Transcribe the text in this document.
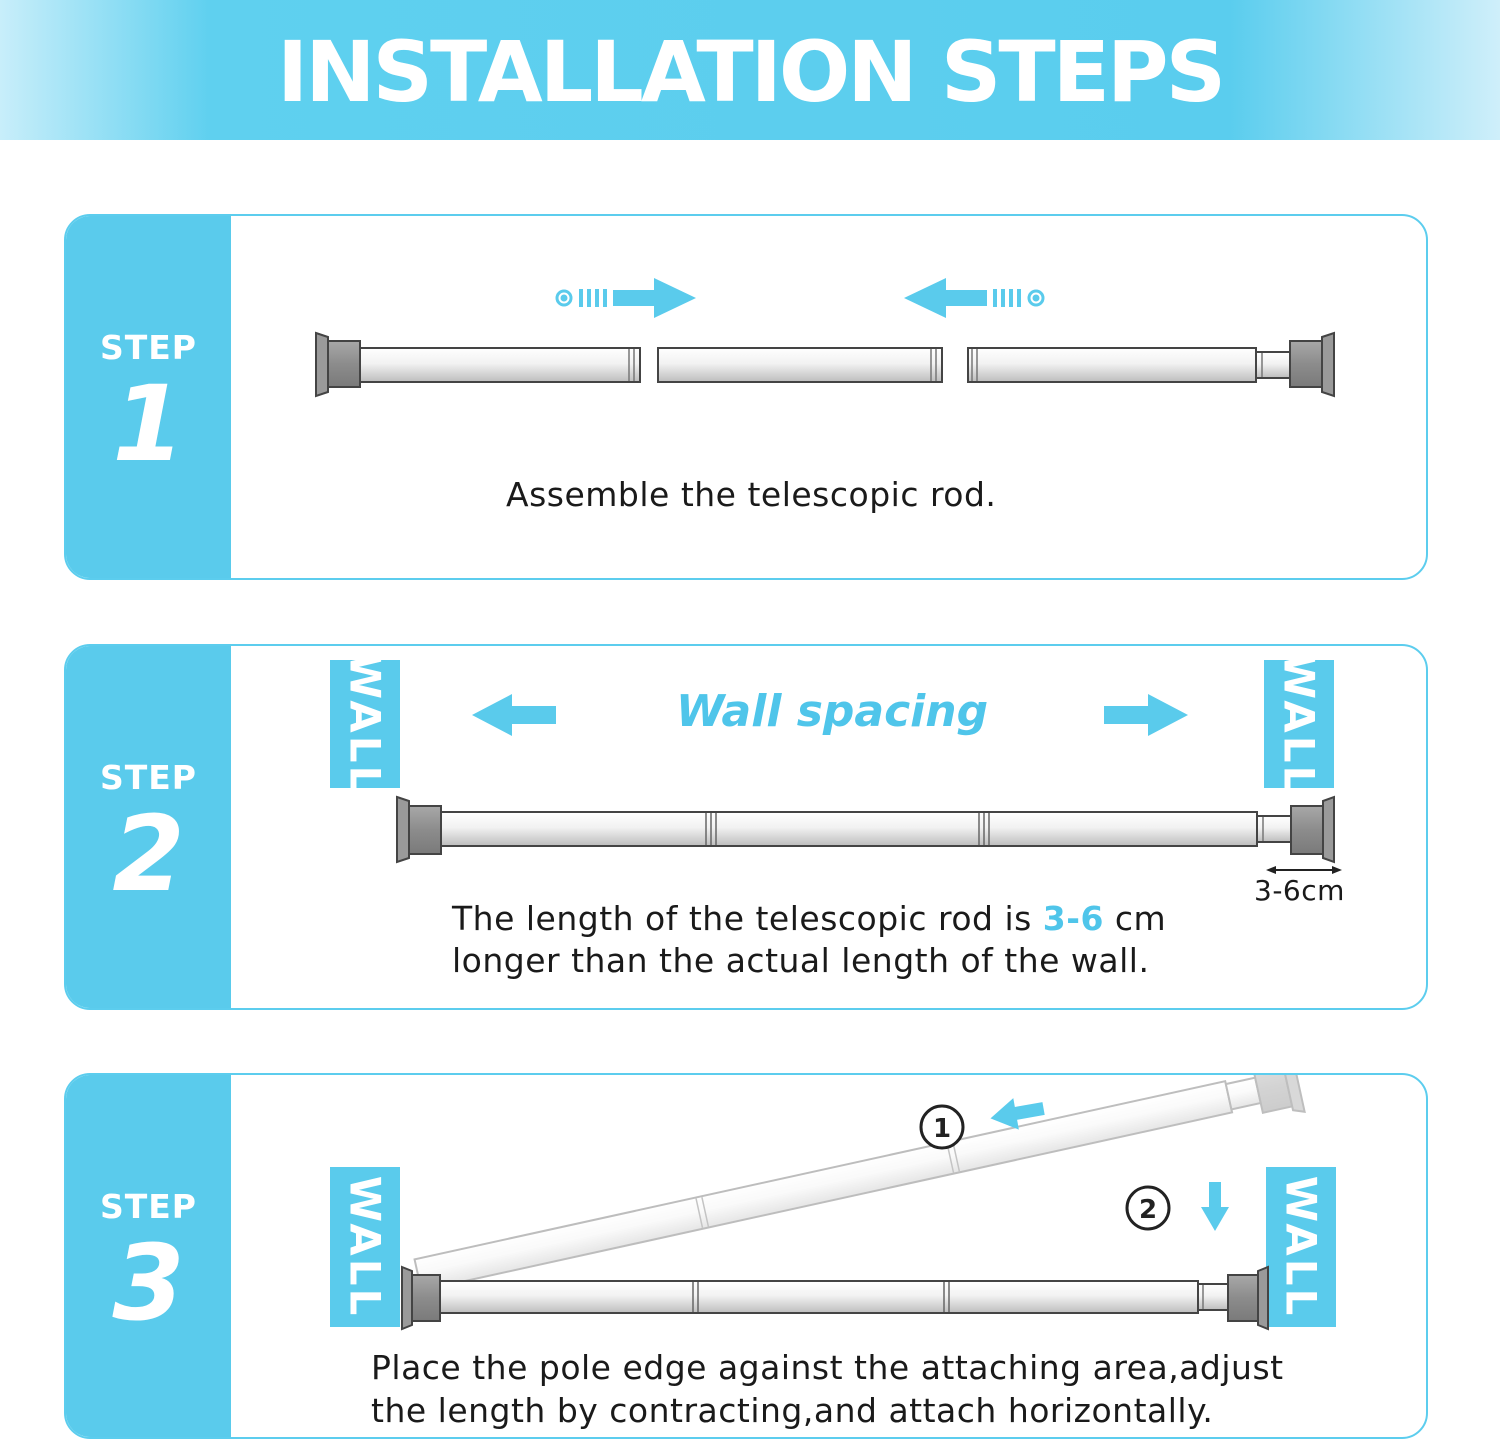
INSTALLATION STEPS
STEP
1
Assemble the telescopic rod.
STEP
2
WALL	WALL
Wall spacing
3-6cm
The length of the telescopic rod is 3-6 cm
longer than the actual length of the wall.
STEP
3	WALL	WALL
1
2
Place the pole edge against the attaching area,adjust
the length by contracting,and attach horizontally.
